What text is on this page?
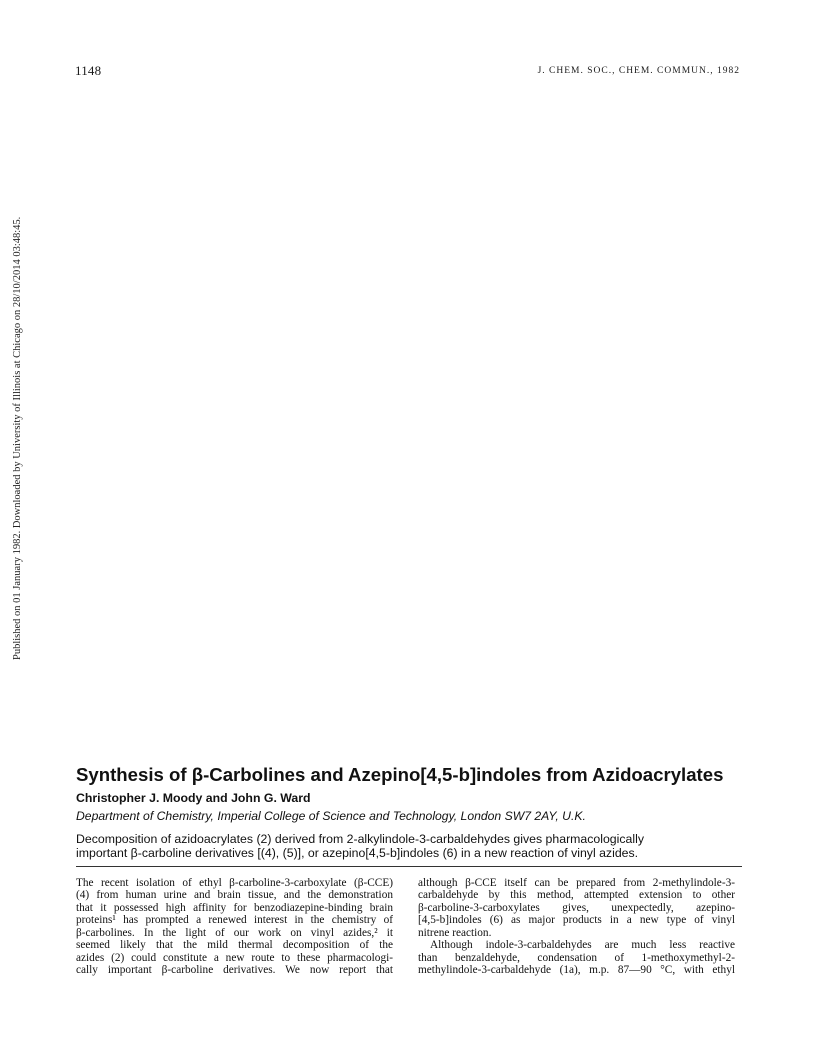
1148	J. CHEM. SOC., CHEM. COMMUN., 1982
Published on 01 January 1982. Downloaded by University of Illinois at Chicago on 28/10/2014 03:48:45.
Synthesis of β-Carbolines and Azepino[4,5-b]indoles from Azidoacrylates
Christopher J. Moody and John G. Ward
Department of Chemistry, Imperial College of Science and Technology, London SW7 2AY, U.K.
Decomposition of azidoacrylates (2) derived from 2-alkylindole-3-carbaldehydes gives pharmacologically
important β-carboline derivatives [(4), (5)], or azepino[4,5-b]indoles (6) in a new reaction of vinyl azides.
The recent isolation of ethyl β-carboline-3-carboxylate (β-CCE)
(4) from human urine and brain tissue, and the demonstration
that it possessed high affinity for benzodiazepine-binding brain
proteins¹ has prompted a renewed interest in the chemistry of
β-carbolines. In the light of our work on vinyl azides,² it
seemed likely that the mild thermal decomposition of the
azides (2) could constitute a new route to these pharmacologi-
cally important β-carboline derivatives. We now report that
although β-CCE itself can be prepared from 2-methylindole-3-
carbaldehyde by this method, attempted extension to other
β-carboline-3-carboxylates gives, unexpectedly, azepino-
[4,5-b]indoles (6) as major products in a new type of vinyl
nitrene reaction.
Although indole-3-carbaldehydes are much less reactive
than benzaldehyde, condensation of 1-methoxymethyl-2-
methylindole-3-carbaldehyde (1a), m.p. 87—90 °C, with ethyl
